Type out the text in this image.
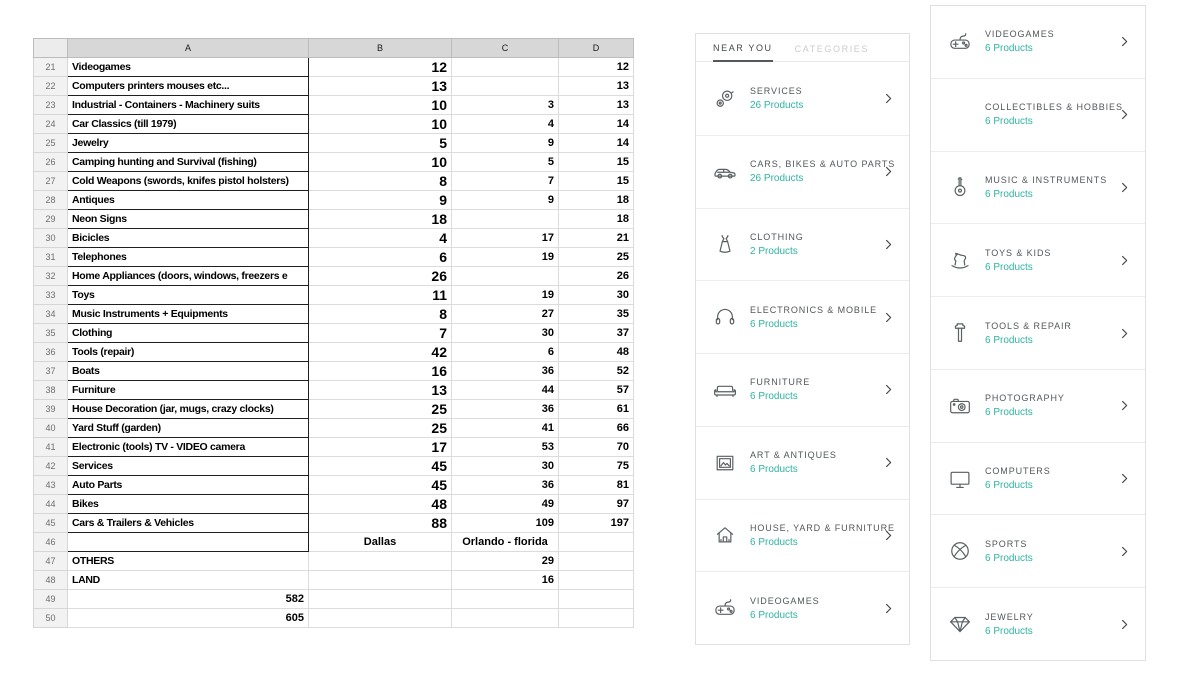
	A	B	C	D
21	Videogames	12		12
22	Computers printers mouses etc...	13		13
23	Industrial - Containers - Machinery suits	10	3	13
24	Car Classics (till 1979)	10	4	14
25	Jewelry	5	9	14
26	Camping hunting and Survival (fishing)	10	5	15
27	Cold Weapons (swords, knifes pistol holsters)	8	7	15
28	Antiques	9	9	18
29	Neon Signs	18		18
30	Bicicles	4	17	21
31	Telephones	6	19	25
32	Home Appliances (doors, windows, freezers e	26		26
33	Toys	11	19	30
34	Music Instruments + Equipments	8	27	35
35	Clothing	7	30	37
36	Tools (repair)	42	6	48
37	Boats	16	36	52
38	Furniture	13	44	57
39	House Decoration (jar, mugs, crazy clocks)	25	36	61
40	Yard Stuff (garden)	25	41	66
41	Electronic (tools) TV - VIDEO camera	17	53	70
42	Services	45	30	75
43	Auto Parts	45	36	81
44	Bikes	48	49	97
45	Cars & Trailers & Vehicles	88	109	197
46		Dallas	Orlando - florida	
47	OTHERS		29	
48	LAND		16	
49	582			
50	605			
NEAR YOU CATEGORIES
SERVICES
26 Products
CARS, BIKES & AUTO PARTS
26 Products
CLOTHING
2 Products
ELECTRONICS & MOBILE
6 Products
FURNITURE
6 Products
ART & ANTIQUES
6 Products
HOUSE, YARD & FURNITURE
6 Products
VIDEOGAMES
6 Products
VIDEOGAMES
6 Products
COLLECTIBLES & HOBBIES
6 Products
MUSIC & INSTRUMENTS
6 Products
TOYS & KIDS
6 Products
TOOLS & REPAIR
6 Products
PHOTOGRAPHY
6 Products
COMPUTERS
6 Products
SPORTS
6 Products
JEWELRY
6 Products
